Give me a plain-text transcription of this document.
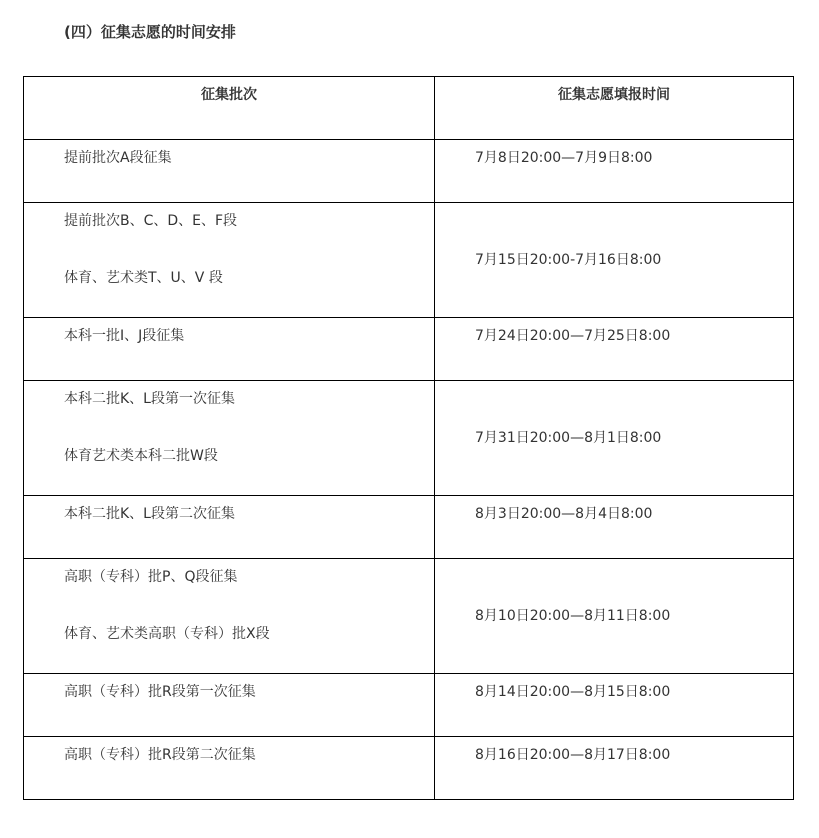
(四）征集志愿的时间安排
征集批次	征集志愿填报时间

提前批次A段征集	7月8日20:00—7月9日8:00

提前批次B、C、D、E、F段
体育、艺术类T、U、V 段	7月15日20:00-7月16日8:00

本科一批I、J段征集	7月24日20:00—7月25日8:00

本科二批K、L段第一次征集
体育艺术类本科二批W段	7月31日20:00—8月1日8:00

本科二批K、L段第二次征集	8月3日20:00—8月4日8:00

高职（专科）批P、Q段征集
体育、艺术类高职（专科）批X段	8月10日20:00—8月11日8:00

高职（专科）批R段第一次征集	8月14日20:00—8月15日8:00

高职（专科）批R段第二次征集	8月16日20:00—8月17日8:00
